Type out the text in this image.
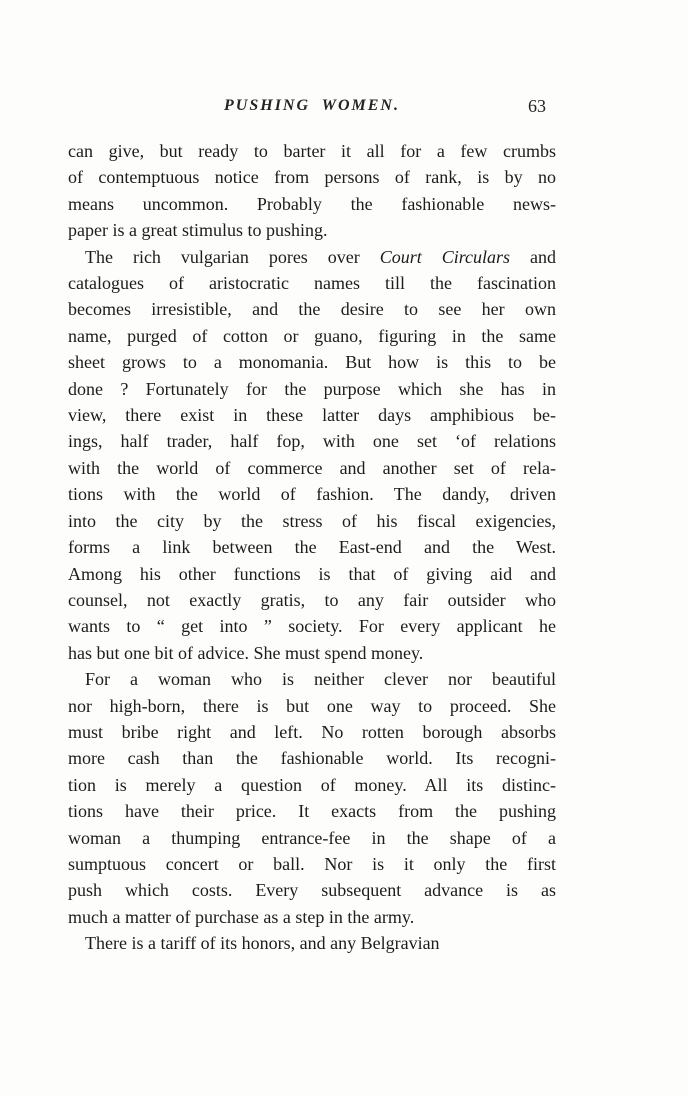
PUSHING WOMEN.	63
can give, but ready to barter it all for a few crumbs
of contemptuous notice from persons of rank, is by no
means uncommon. Probably the fashionable news-
paper is a great stimulus to pushing.
The rich vulgarian pores over Court Circulars and
catalogues of aristocratic names till the fascination
becomes irresistible, and the desire to see her own
name, purged of cotton or guano, figuring in the same
sheet grows to a monomania. But how is this to be
done ? Fortunately for the purpose which she has in
view, there exist in these latter days amphibious be-
ings, half trader, half fop, with one set ‘of relations
with the world of commerce and another set of rela-
tions with the world of fashion. The dandy, driven
into the city by the stress of his fiscal exigencies,
forms a link between the East-end and the West.
Among his other functions is that of giving aid and
counsel, not exactly gratis, to any fair outsider who
wants to “ get into ” society. For every applicant he
has but one bit of advice. She must spend money.
For a woman who is neither clever nor beautiful
nor high-born, there is but one way to proceed. She
must bribe right and left. No rotten borough absorbs
more cash than the fashionable world. Its recogni-
tion is merely a question of money. All its distinc-
tions have their price. It exacts from the pushing
woman a thumping entrance-fee in the shape of a
sumptuous concert or ball. Nor is it only the first
push which costs. Every subsequent advance is as
much a matter of purchase as a step in the army.
There is a tariff of its honors, and any Belgravian
